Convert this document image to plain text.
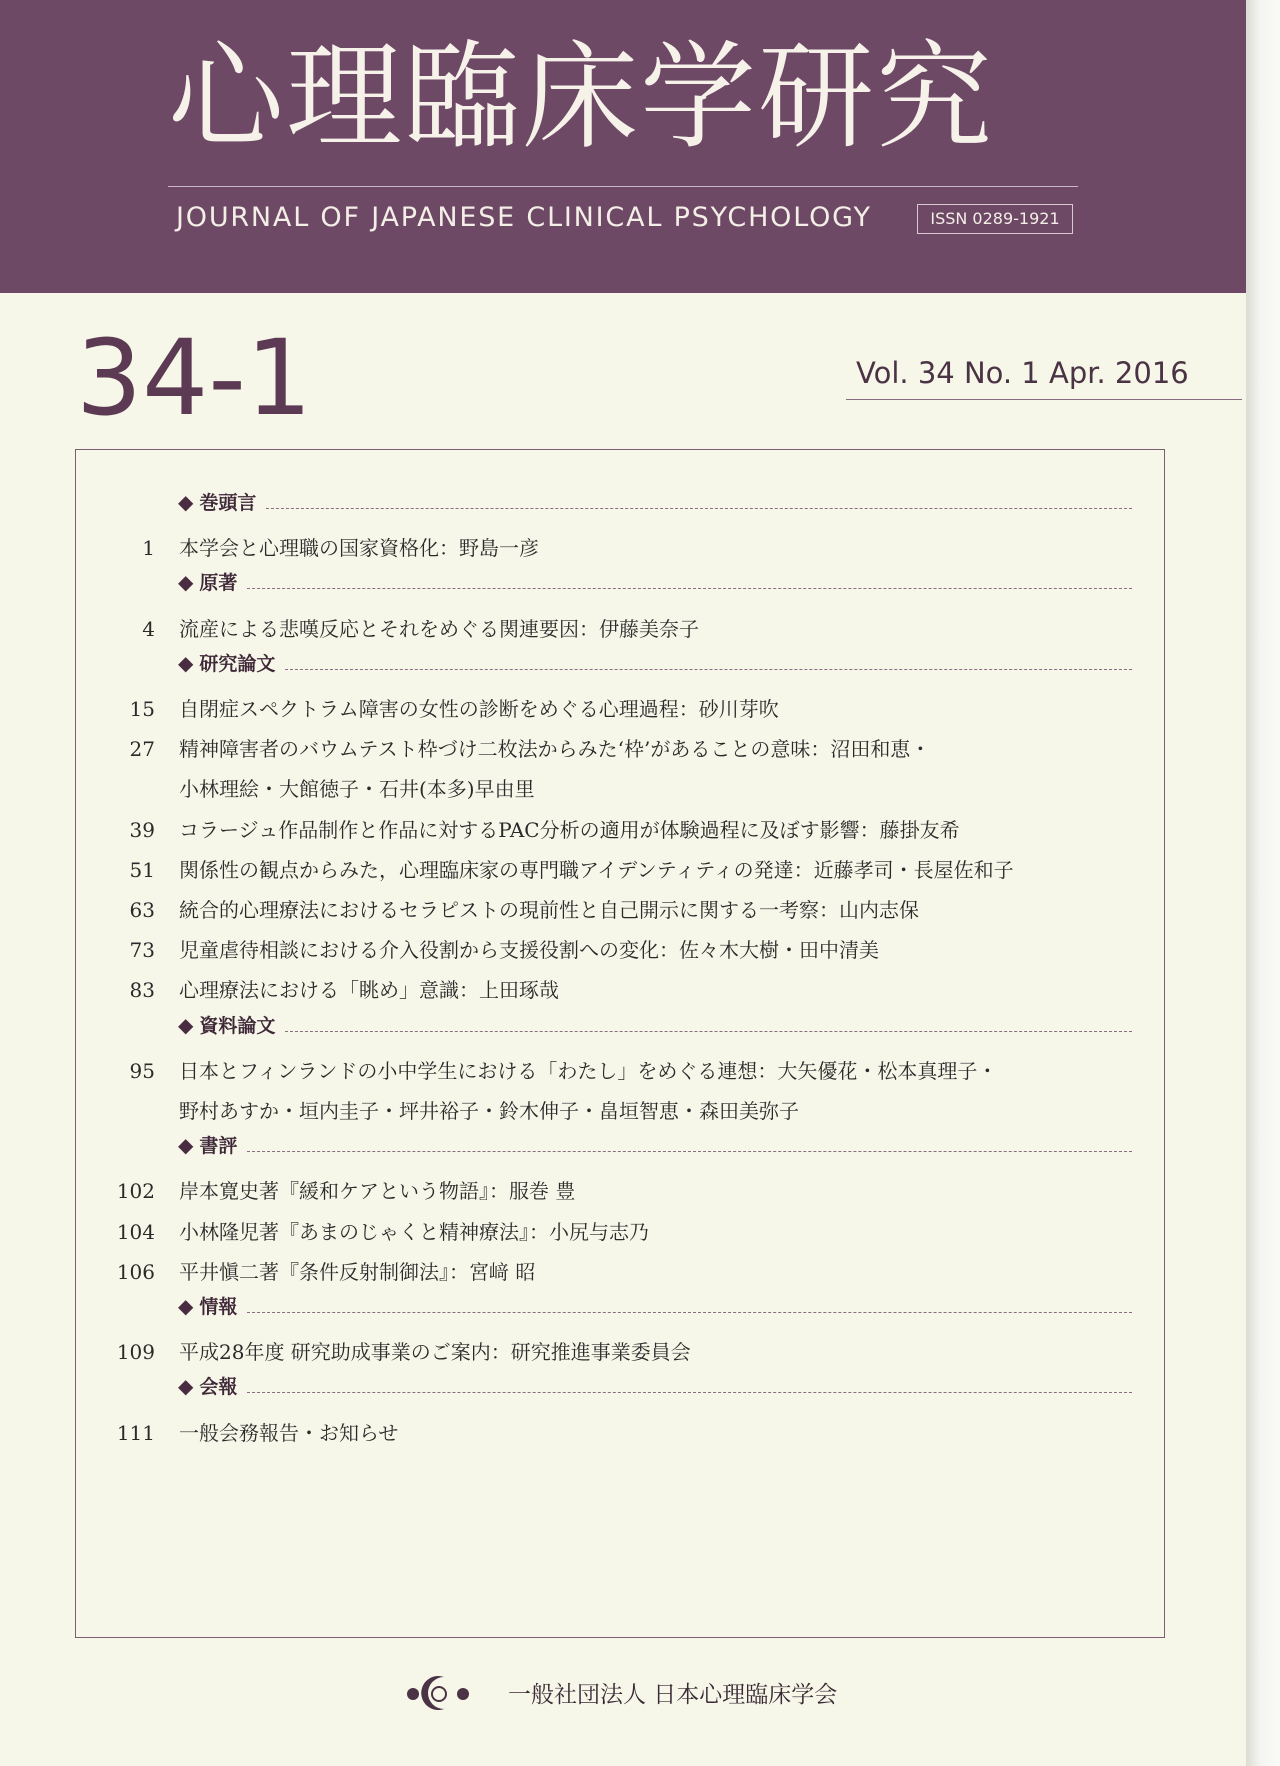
心理臨床学研究
JOURNAL OF JAPANESE CLINICAL PSYCHOLOGY	ISSN 0289-1921
34-1	Vol. 34 No. 1 Apr. 2016
◆ 巻頭言
1 本学会と心理職の国家資格化：野島一彦
◆ 原著
4 流産による悲嘆反応とそれをめぐる関連要因：伊藤美奈子
◆ 研究論文
15 自閉症スペクトラム障害の女性の診断をめぐる心理過程：砂川芽吹
27 精神障害者のバウムテスト枠づけ二枚法からみた‘枠’があることの意味：沼田和恵・
小林理絵・大館徳子・石井(本多)早由里
39 コラージュ作品制作と作品に対するPAC分析の適用が体験過程に及ぼす影響：藤掛友希
51 関係性の観点からみた，心理臨床家の専門職アイデンティティの発達：近藤孝司・長屋佐和子
63 統合的心理療法におけるセラピストの現前性と自己開示に関する一考察：山内志保
73 児童虐待相談における介入役割から支援役割への変化：佐々木大樹・田中清美
83 心理療法における「眺め」意識：上田琢哉
◆ 資料論文
95 日本とフィンランドの小中学生における「わたし」をめぐる連想：大矢優花・松本真理子・
野村あすか・垣内圭子・坪井裕子・鈴木伸子・畠垣智恵・森田美弥子
◆ 書評
102 岸本寛史著『緩和ケアという物語』：服巻 豊
104 小林隆児著『あまのじゃくと精神療法』：小尻与志乃
106 平井愼二著『条件反射制御法』：宮﨑 昭
◆ 情報
109 平成28年度 研究助成事業のご案内：研究推進事業委員会
◆ 会報
111 一般会務報告・お知らせ
一般社団法人 日本心理臨床学会
